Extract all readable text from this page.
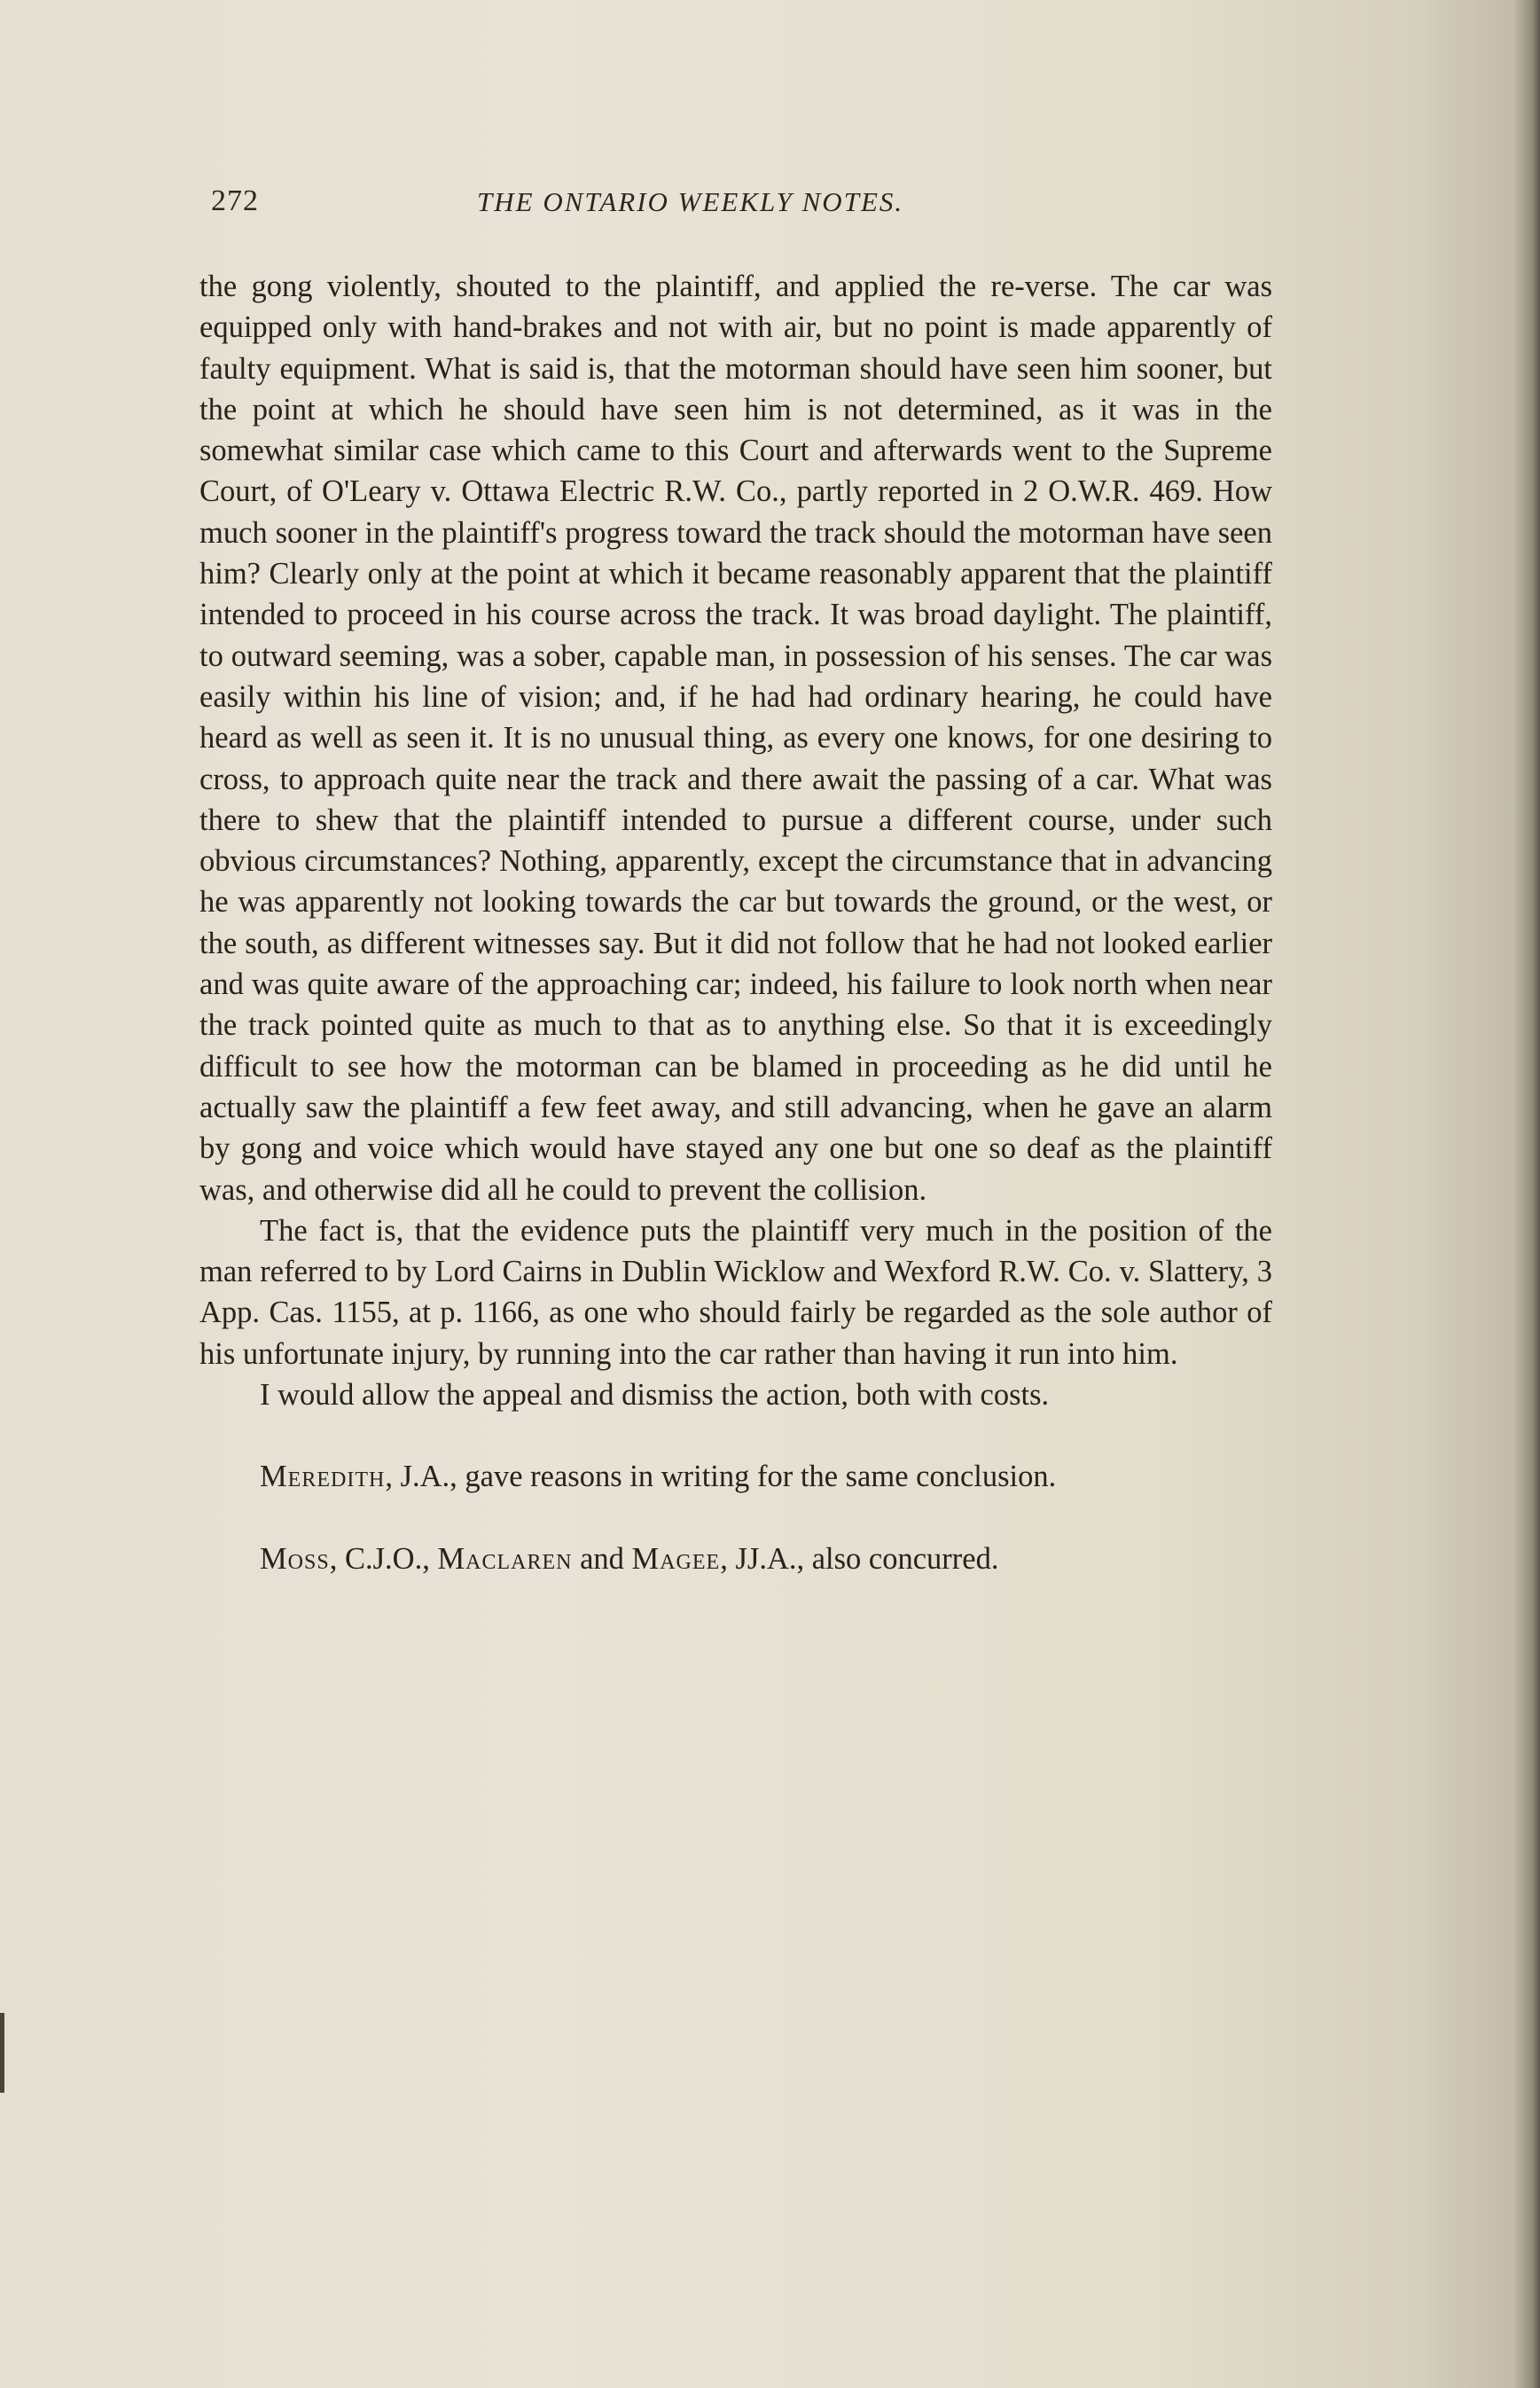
272	THE ONTARIO WEEKLY NOTES.

the gong violently, shouted to the plaintiff, and applied the re-verse. The car was equipped only with hand-brakes and not with air, but no point is made apparently of faulty equipment. What is said is, that the motorman should have seen him sooner, but the point at which he should have seen him is not determined, as it was in the somewhat similar case which came to this Court and afterwards went to the Supreme Court, of O'Leary v. Ottawa Electric R.W. Co., partly reported in 2 O.W.R. 469. How much sooner in the plaintiff's progress toward the track should the motorman have seen him? Clearly only at the point at which it became reasonably apparent that the plaintiff intended to proceed in his course across the track. It was broad daylight. The plaintiff, to outward seeming, was a sober, capable man, in possession of his senses. The car was easily within his line of vision; and, if he had had ordinary hearing, he could have heard as well as seen it. It is no unusual thing, as every one knows, for one desiring to cross, to approach quite near the track and there await the passing of a car. What was there to shew that the plaintiff intended to pursue a different course, under such obvious circumstances? Nothing, apparently, except the circumstance that in advancing he was apparently not looking towards the car but towards the ground, or the west, or the south, as different witnesses say. But it did not follow that he had not looked earlier and was quite aware of the approaching car; indeed, his failure to look north when near the track pointed quite as much to that as to anything else. So that it is exceedingly difficult to see how the motorman can be blamed in proceeding as he did until he actually saw the plaintiff a few feet away, and still advancing, when he gave an alarm by gong and voice which would have stayed any one but one so deaf as the plaintiff was, and otherwise did all he could to prevent the collision.

The fact is, that the evidence puts the plaintiff very much in the position of the man referred to by Lord Cairns in Dublin Wicklow and Wexford R.W. Co. v. Slattery, 3 App. Cas. 1155, at p. 1166, as one who should fairly be regarded as the sole author of his unfortunate injury, by running into the car rather than having it run into him.

I would allow the appeal and dismiss the action, both with costs.

Meredith, J.A., gave reasons in writing for the same conclusion.

Moss, C.J.O., Maclaren and Magee, JJ.A., also concurred.
